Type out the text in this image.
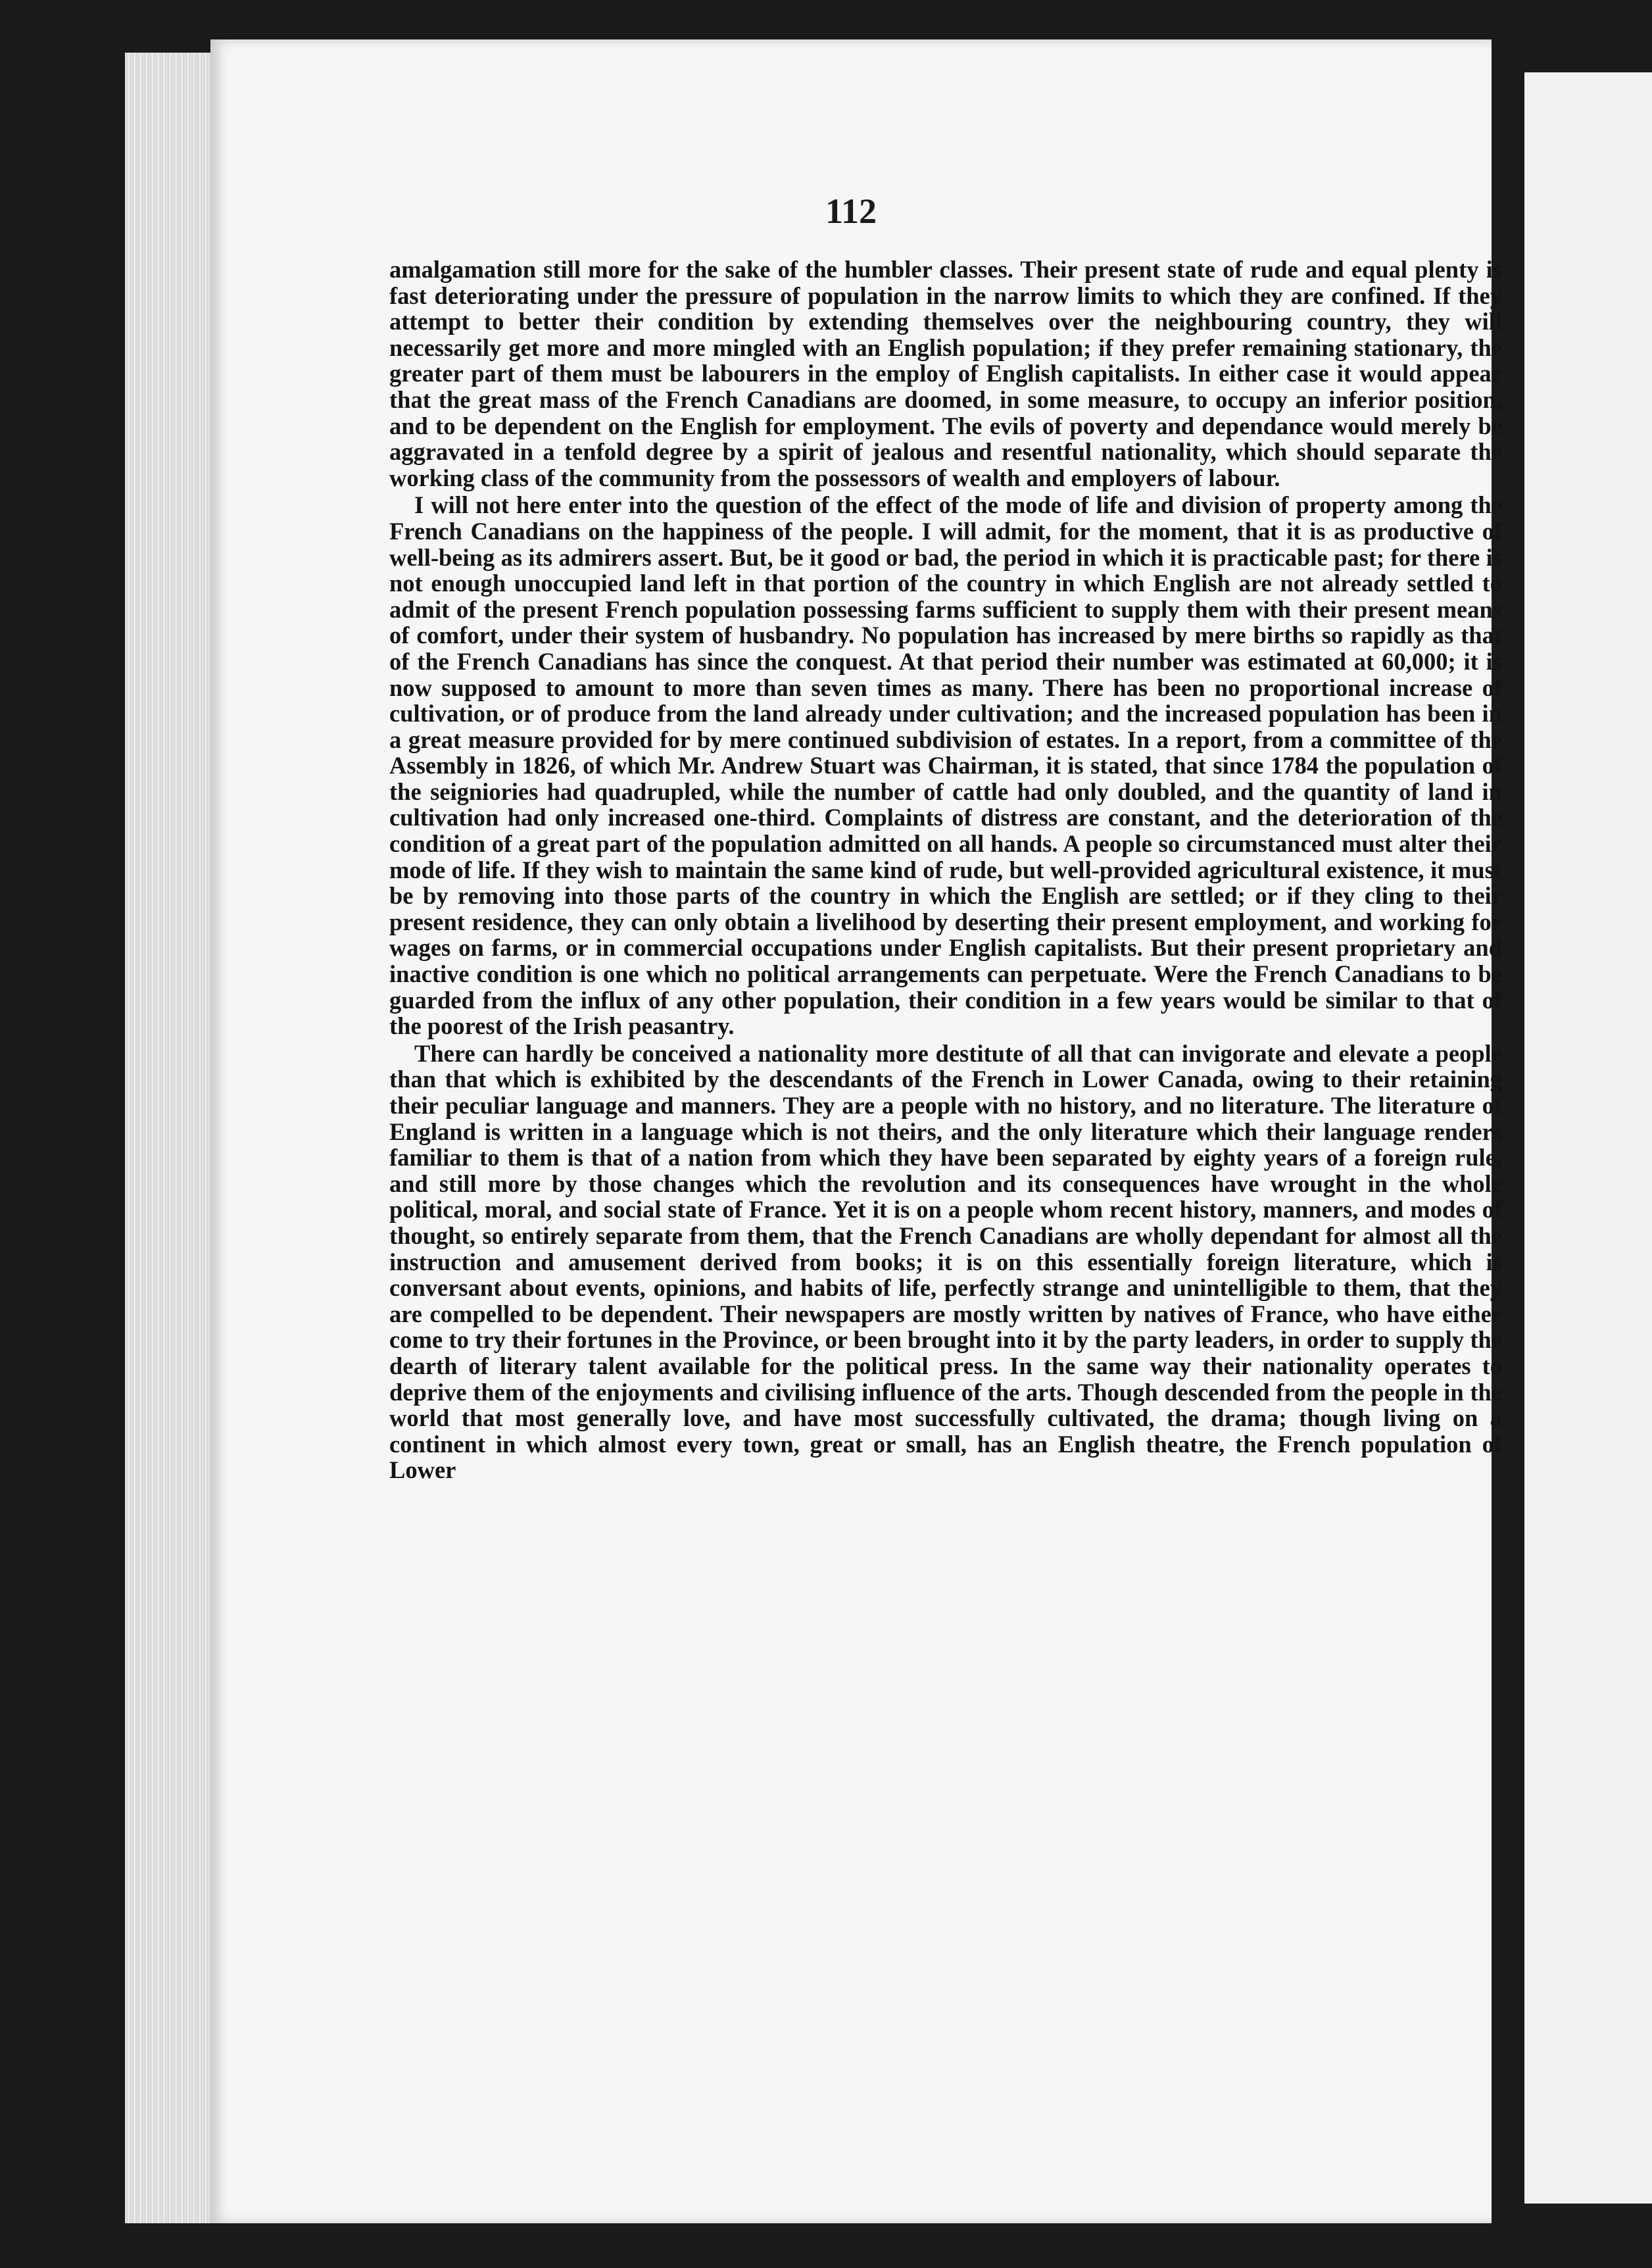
112

amalgamation still more for the sake of the humbler classes. Their present state of rude and equal plenty is fast deteriorating under the pressure of population in the narrow limits to which they are confined. If they attempt to better their condition by extending themselves over the neighbouring country, they will necessarily get more and more mingled with an English population; if they prefer remaining stationary, the greater part of them must be labourers in the employ of English capitalists. In either case it would appear that the great mass of the French Canadians are doomed, in some measure, to occupy an inferior position, and to be dependent on the English for employment. The evils of poverty and dependance would merely be aggravated in a tenfold degree by a spirit of jealous and resentful nationality, which should separate the working class of the community from the possessors of wealth and employers of labour.

I will not here enter into the question of the effect of the mode of life and division of property among the French Canadians on the happiness of the people. I will admit, for the moment, that it is as productive of well-being as its admirers assert. But, be it good or bad, the period in which it is practicable past; for there is not enough unoccupied land left in that portion of the country in which English are not already settled to admit of the present French population possessing farms sufficient to supply them with their present means of comfort, under their system of husbandry. No population has increased by mere births so rapidly as that of the French Canadians has since the conquest. At that period their number was estimated at 60,000; it is now supposed to amount to more than seven times as many. There has been no proportional increase of cultivation, or of produce from the land already under cultivation; and the increased population has been in a great measure provided for by mere continued subdivision of estates. In a report, from a committee of the Assembly in 1826, of which Mr. Andrew Stuart was Chairman, it is stated, that since 1784 the population of the seigniories had quadrupled, while the number of cattle had only doubled, and the quantity of land in cultivation had only increased one-third. Complaints of distress are constant, and the deterioration of the condition of a great part of the population admitted on all hands. A people so circumstanced must alter their mode of life. If they wish to maintain the same kind of rude, but well-provided agricultural existence, it must be by removing into those parts of the country in which the English are settled; or if they cling to their present residence, they can only obtain a livelihood by deserting their present employment, and working for wages on farms, or in commercial occupations under English capitalists. But their present proprietary and inactive condition is one which no political arrangements can perpetuate. Were the French Canadians to be guarded from the influx of any other population, their condition in a few years would be similar to that of the poorest of the Irish peasantry.

There can hardly be conceived a nationality more destitute of all that can invigorate and elevate a people than that which is exhibited by the descendants of the French in Lower Canada, owing to their retaining their peculiar language and manners. They are a people with no history, and no literature. The literature of England is written in a language which is not theirs, and the only literature which their language renders familiar to them is that of a nation from which they have been separated by eighty years of a foreign rule, and still more by those changes which the revolution and its consequences have wrought in the whole political, moral, and social state of France. Yet it is on a people whom recent history, manners, and modes of thought, so entirely separate from them, that the French Canadians are wholly dependant for almost all the instruction and amusement derived from books; it is on this essentially foreign literature, which is conversant about events, opinions, and habits of life, perfectly strange and unintelligible to them, that they are compelled to be dependent. Their newspapers are mostly written by natives of France, who have either come to try their fortunes in the Province, or been brought into it by the party leaders, in order to supply the dearth of literary talent available for the political press. In the same way their nationality operates to deprive them of the enjoyments and civilising influence of the arts. Though descended from the people in the world that most generally love, and have most successfully cultivated, the drama; though living on a continent in which almost every town, great or small, has an English theatre, the French population of Lower
